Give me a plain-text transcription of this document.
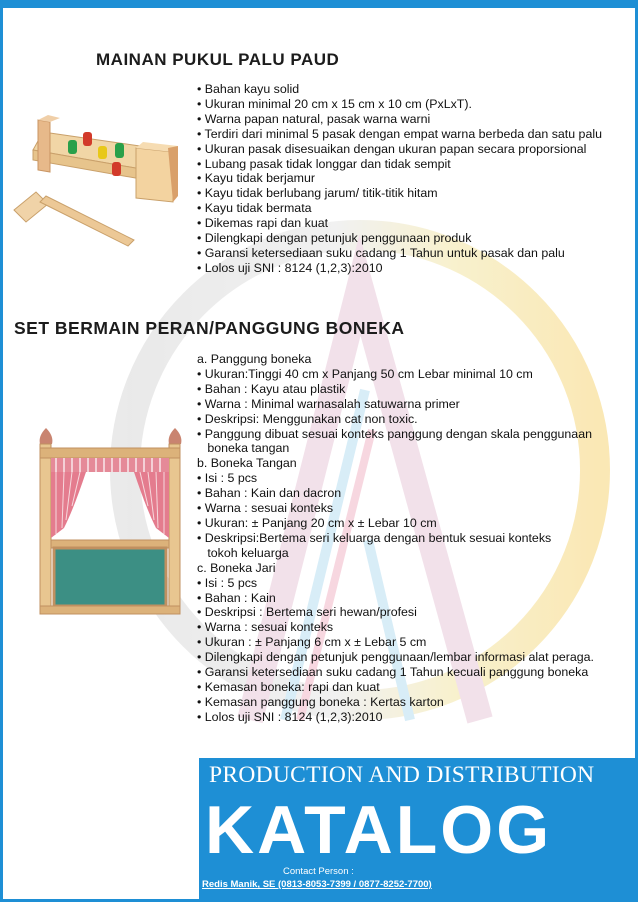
MAINAN PUKUL PALU PAUD
• Bahan kayu solid
• Ukuran minimal 20 cm x 15 cm x 10 cm (PxLxT).
• Warna papan natural, pasak warna warni
• Terdiri dari minimal 5 pasak dengan empat warna berbeda dan satu palu
• Ukuran pasak disesuaikan dengan ukuran papan secara proporsional
• Lubang pasak tidak longgar dan tidak sempit
• Kayu tidak berjamur
• Kayu tidak berlubang jarum/ titik-titik hitam
• Kayu tidak bermata
• Dikemas rapi dan kuat
• Dilengkapi dengan petunjuk penggunaan produk
• Garansi ketersediaan suku cadang 1 Tahun untuk pasak dan palu
• Lolos uji SNI : 8124 (1,2,3):2010
SET BERMAIN PERAN/PANGGUNG BONEKA
a. Panggung boneka
• Ukuran:Tinggi 40 cm x Panjang 50 cm Lebar minimal 10 cm
• Bahan : Kayu atau plastik
• Warna : Minimal warnasalah satuwarna primer
• Deskripsi: Menggunakan cat non toxic.
• Panggung dibuat sesuai konteks panggung dengan skala penggunaan
boneka tangan
b. Boneka Tangan
• Isi : 5 pcs
• Bahan : Kain dan dacron
• Warna : sesuai konteks
• Ukuran: ± Panjang 20 cm x ± Lebar 10 cm
• Deskripsi:Bertema seri keluarga dengan bentuk sesuai konteks
tokoh keluarga
c. Boneka Jari
• Isi : 5 pcs
• Bahan : Kain
• Deskripsi : Bertema seri hewan/profesi
• Warna : sesuai konteks
• Ukuran : ± Panjang 6 cm x ± Lebar 5 cm
• Dilengkapi dengan petunjuk penggunaan/lembar informasi alat peraga.
• Garansi ketersediaan suku cadang 1 Tahun kecuali panggung boneka
• Kemasan boneka: rapi dan kuat
• Kemasan panggung boneka : Kertas karton
• Lolos uji SNI : 8124 (1,2,3):2010
PRODUCTION AND DISTRIBUTION
KATALOG
Contact Person :
Redis Manik, SE (0813-8053-7399 / 0877-8252-7700)
